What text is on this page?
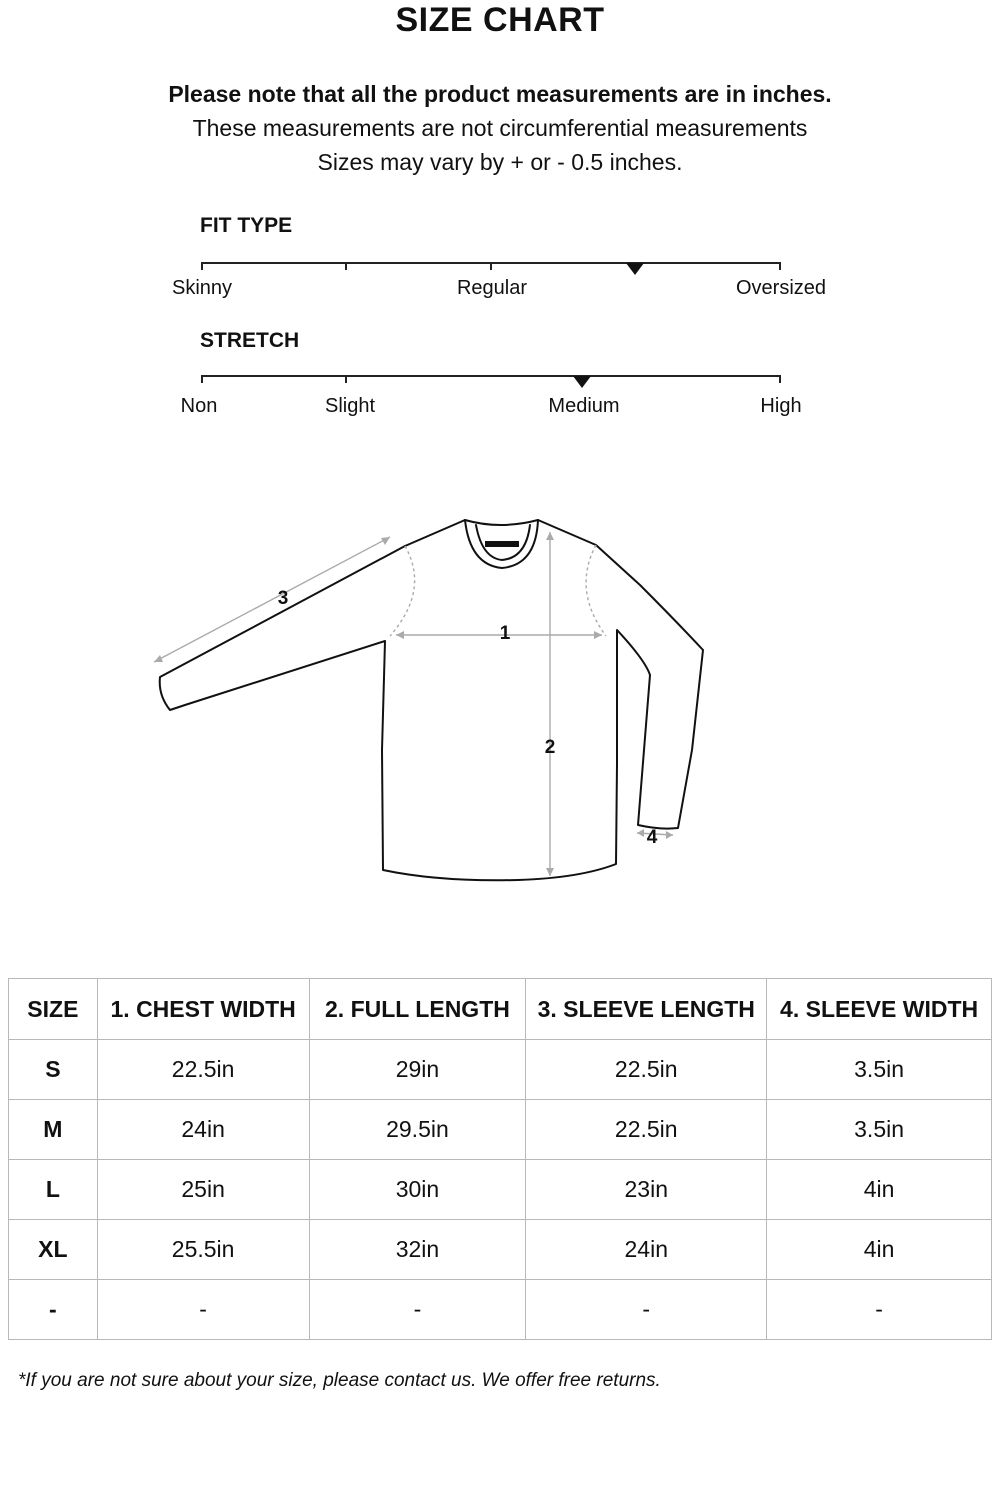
SIZE CHART
Please note that all the product measurements are in inches.
These measurements are not circumferential measurements
Sizes may vary by + or - 0.5 inches.
FIT TYPE
Skinny	Regular	Oversized
STRETCH
Non	Slight	Medium	High
1
2
3
4
SIZE	1. CHEST WIDTH	2. FULL LENGTH	3. SLEEVE LENGTH	4. SLEEVE WIDTH
S	22.5in	29in	22.5in	3.5in
M	24in	29.5in	22.5in	3.5in
L	25in	30in	23in	4in
XL	25.5in	32in	24in	4in
-	-	-	-	-
*If you are not sure about your size, please contact us. We offer free returns.
